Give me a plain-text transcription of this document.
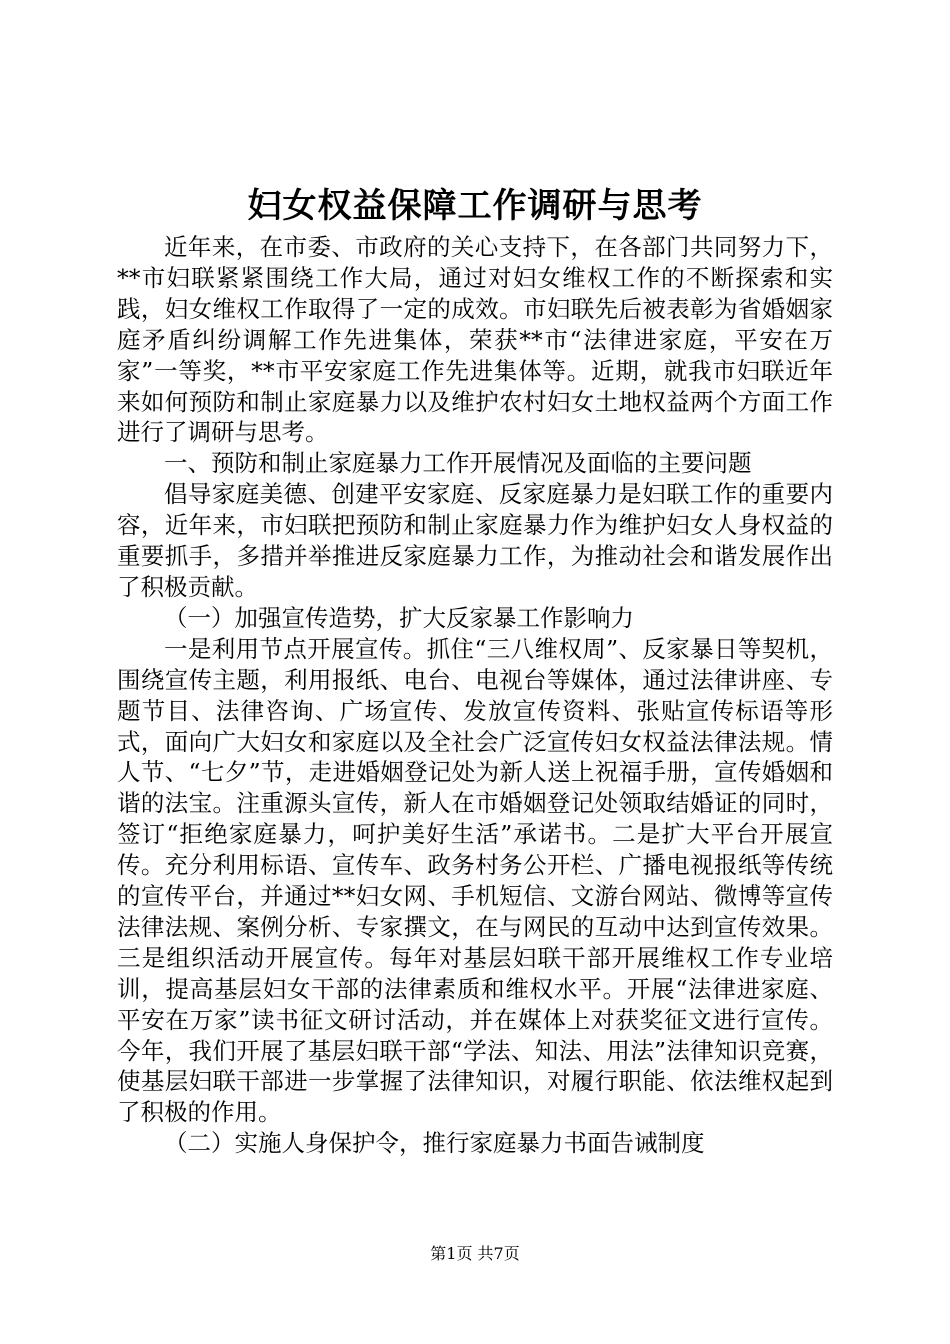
妇女权益保障工作调研与思考

近年来，在市委、市政府的关心支持下，在各部门共同努力下，**市妇联紧紧围绕工作大局，通过对妇女维权工作的不断探索和实践，妇女维权工作取得了一定的成效。市妇联先后被表彰为省婚姻家庭矛盾纠纷调解工作先进集体，荣获**市“法律进家庭，平安在万家”一等奖，**市平安家庭工作先进集体等。近期，就我市妇联近年来如何预防和制止家庭暴力以及维护农村妇女土地权益两个方面工作进行了调研与思考。

一、预防和制止家庭暴力工作开展情况及面临的主要问题

倡导家庭美德、创建平安家庭、反家庭暴力是妇联工作的重要内容，近年来，市妇联把预防和制止家庭暴力作为维护妇女人身权益的重要抓手，多措并举推进反家庭暴力工作，为推动社会和谐发展作出了积极贡献。

（一）加强宣传造势，扩大反家暴工作影响力

一是利用节点开展宣传。抓住“三八维权周”、反家暴日等契机，围绕宣传主题，利用报纸、电台、电视台等媒体，通过法律讲座、专题节目、法律咨询、广场宣传、发放宣传资料、张贴宣传标语等形式，面向广大妇女和家庭以及全社会广泛宣传妇女权益法律法规。情人节、“七夕”节，走进婚姻登记处为新人送上祝福手册，宣传婚姻和谐的法宝。注重源头宣传，新人在市婚姻登记处领取结婚证的同时，签订“拒绝家庭暴力，呵护美好生活”承诺书。二是扩大平台开展宣传。充分利用标语、宣传车、政务村务公开栏、广播电视报纸等传统的宣传平台，并通过**妇女网、手机短信、文游台网站、微博等宣传法律法规、案例分析、专家撰文，在与网民的互动中达到宣传效果。三是组织活动开展宣传。每年对基层妇联干部开展维权工作专业培训，提高基层妇女干部的法律素质和维权水平。开展“法律进家庭、平安在万家”读书征文研讨活动，并在媒体上对获奖征文进行宣传。今年，我们开展了基层妇联干部“学法、知法、用法”法律知识竞赛，使基层妇联干部进一步掌握了法律知识，对履行职能、依法维权起到了积极的作用。

（二）实施人身保护令，推行家庭暴力书面告诫制度

第1页 共7页
